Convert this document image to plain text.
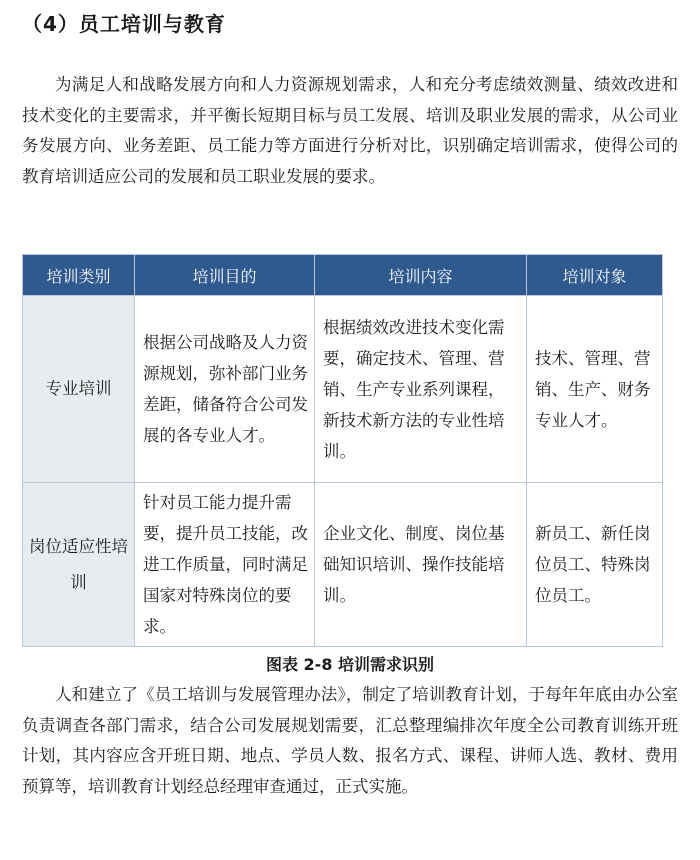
（4）员工培训与教育

为满足人和战略发展方向和人力资源规划需求，人和充分考虑绩效测量、绩效改进和技术变化的主要需求，并平衡长短期目标与员工发展、培训及职业发展的需求，从公司业务发展方向、业务差距、员工能力等方面进行分析对比，识别确定培训需求，使得公司的教育培训适应公司的发展和员工职业发展的要求。

培训类别	培训目的	培训内容	培训对象
专业培训	根据公司战略及人力资源规划，弥补部门业务差距，储备符合公司发展的各专业人才。	根据绩效改进技术变化需要，确定技术、管理、营销、生产专业系列课程，新技术新方法的专业性培训。	技术、管理、营销、生产、财务专业人才。
岗位适应性培训	针对员工能力提升需要，提升员工技能，改进工作质量，同时满足国家对特殊岗位的要求。	企业文化、制度、岗位基础知识培训、操作技能培训。	新员工、新任岗位员工、特殊岗位员工。
图表 2-8 培训需求识别

人和建立了《员工培训与发展管理办法》，制定了培训教育计划，于每年年底由办公室负责调查各部门需求，结合公司发展规划需要，汇总整理编排次年度全公司教育训练开班计划，其内容应含开班日期、地点、学员人数、报名方式、课程、讲师人选、教材、费用预算等，培训教育计划经总经理审查通过，正式实施。
